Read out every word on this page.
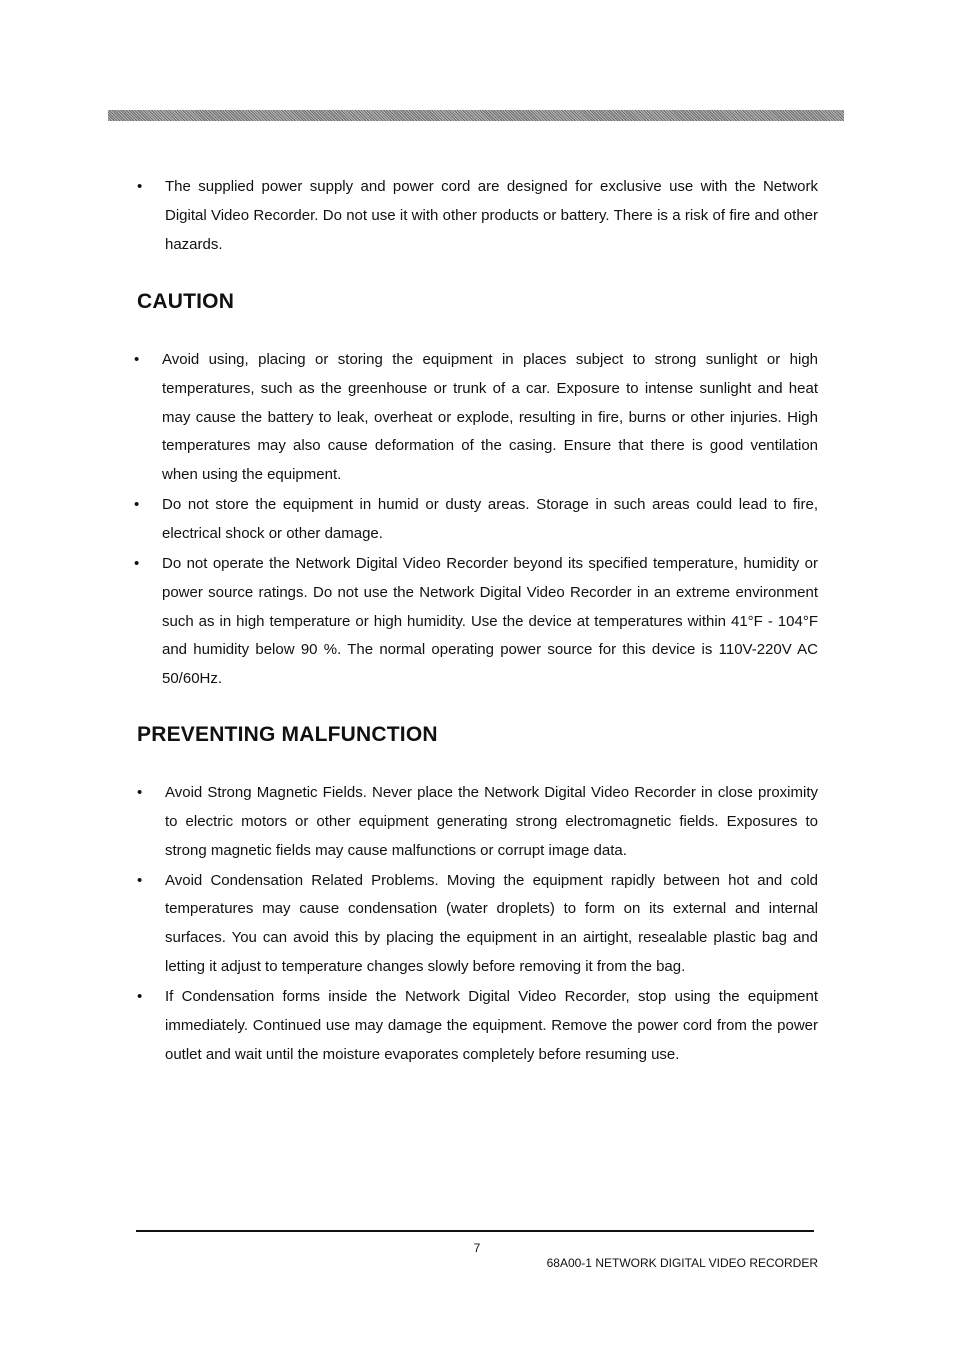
• The supplied power supply and power cord are designed for exclusive use with the Network Digital Video Recorder. Do not use it with other products or battery. There is a risk of fire and other hazards.
CAUTION
• Avoid using, placing or storing the equipment in places subject to strong sunlight or high temperatures, such as the greenhouse or trunk of a car. Exposure to intense sunlight and heat may cause the battery to leak, overheat or explode, resulting in fire, burns or other injuries. High temperatures may also cause deformation of the casing. Ensure that there is good ventilation when using the equipment.
• Do not store the equipment in humid or dusty areas. Storage in such areas could lead to fire, electrical shock or other damage.
• Do not operate the Network Digital Video Recorder beyond its specified temperature, humidity or power source ratings. Do not use the Network Digital Video Recorder in an extreme environment such as in high temperature or high humidity. Use the device at temperatures within 41°F - 104°F and humidity below 90 %. The normal operating power source for this device is 110V-220V AC 50/60Hz.
PREVENTING MALFUNCTION
• Avoid Strong Magnetic Fields. Never place the Network Digital Video Recorder in close proximity to electric motors or other equipment generating strong electromagnetic fields. Exposures to strong magnetic fields may cause malfunctions or corrupt image data.
• Avoid Condensation Related Problems. Moving the equipment rapidly between hot and cold temperatures may cause condensation (water droplets) to form on its external and internal surfaces. You can avoid this by placing the equipment in an airtight, resealable plastic bag and letting it adjust to temperature changes slowly before removing it from the bag.
• If Condensation forms inside the Network Digital Video Recorder, stop using the equipment immediately. Continued use may damage the equipment. Remove the power cord from the power outlet and wait until the moisture evaporates completely before resuming use.
7
68A00-1 NETWORK DIGITAL VIDEO RECORDER
